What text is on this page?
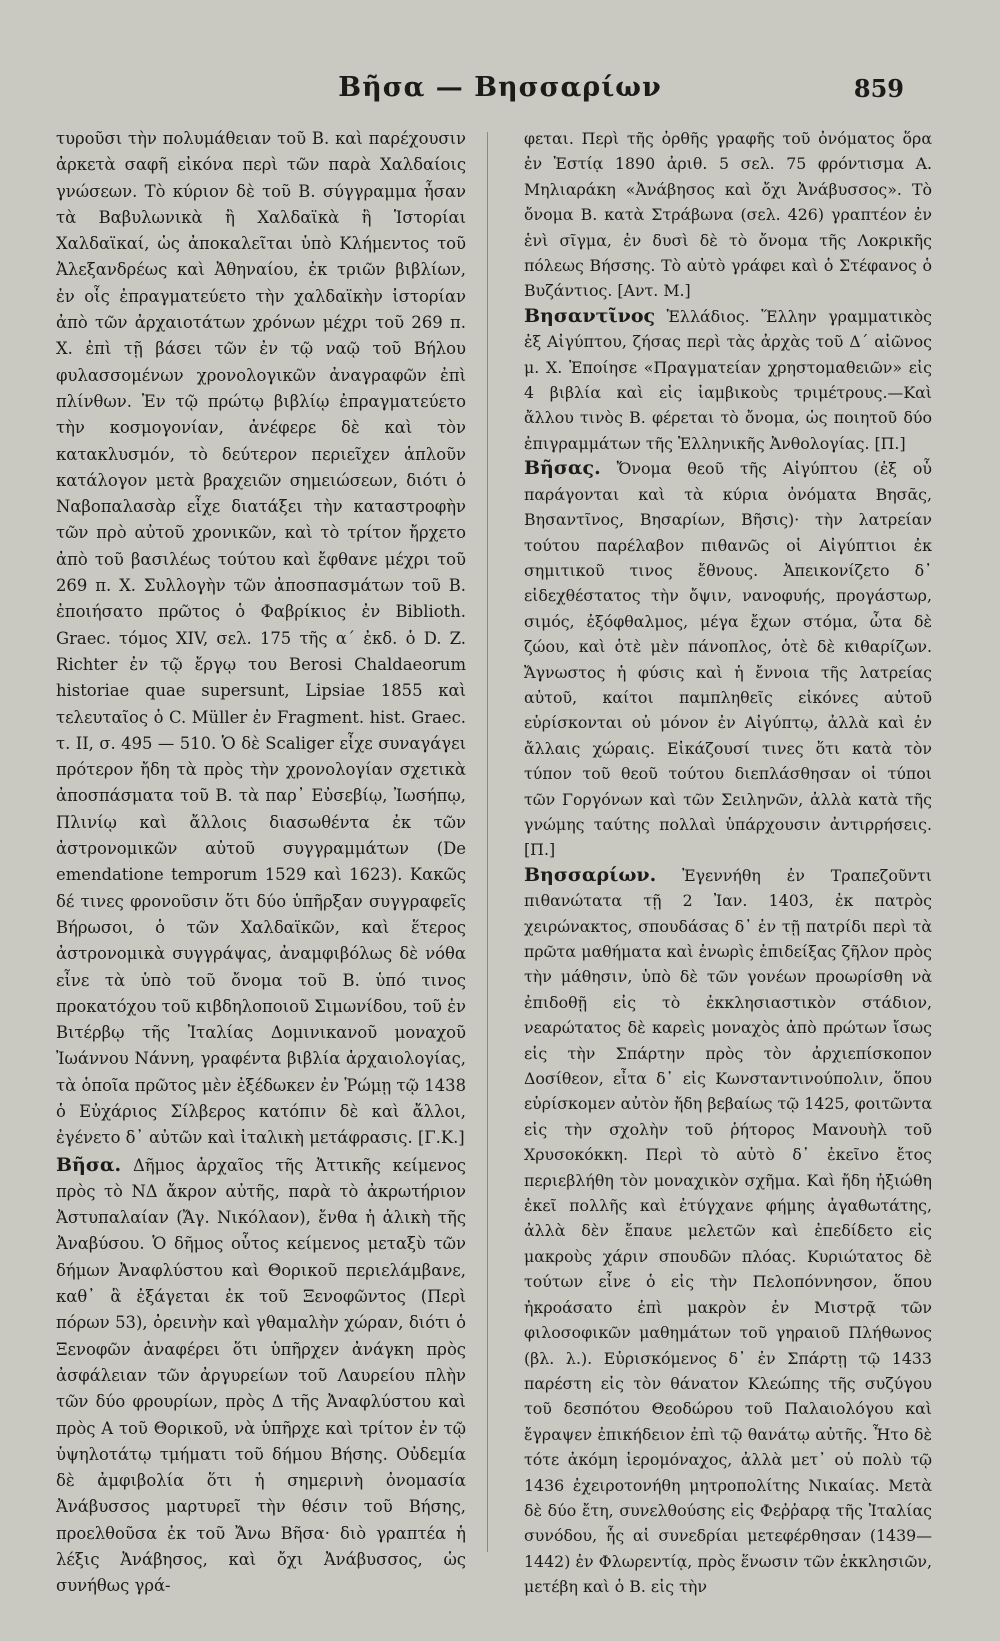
Βῆσα — Βησσαρίων	859

τυροῦσι τὴν πολυμάθειαν τοῦ Β. καὶ παρέχουσιν ἀρκετὰ σαφῆ εἰκόνα περὶ τῶν παρὰ Χαλδαίοις γνώσεων. Τὸ κύριον δὲ τοῦ Β. σύγγραμμα ἦσαν τὰ Βαβυλωνικὰ ἢ Χαλδαϊκὰ ἢ Ἱστορίαι Χαλδαϊκαί, ὡς ἀποκαλεῖται ὑπὸ Κλήμεντος τοῦ Ἀλεξανδρέως καὶ Ἀθηναίου, ἐκ τριῶν βιβλίων, ἐν οἷς ἐπραγματεύετο τὴν χαλδαϊκὴν ἱστορίαν ἀπὸ τῶν ἀρχαιοτάτων χρόνων μέχρι τοῦ 269 π. Χ. ἐπὶ τῇ βάσει τῶν ἐν τῷ ναῷ τοῦ Βήλου φυλασσομένων χρονολογικῶν ἀναγραφῶν ἐπὶ πλίνθων. Ἐν τῷ πρώτῳ βιβλίῳ ἐπραγματεύετο τὴν κοσμογονίαν, ἀνέφερε δὲ καὶ τὸν κατακλυσμόν, τὸ δεύτερον περιεῖχεν ἁπλοῦν κατάλογον μετὰ βραχειῶν σημειώσεων, διότι ὁ Ναβοπαλασὰρ εἶχε διατάξει τὴν καταστροφὴν τῶν πρὸ αὐτοῦ χρονικῶν, καὶ τὸ τρίτον ἤρχετο ἀπὸ τοῦ βασιλέως τούτου καὶ ἔφθανε μέχρι τοῦ 269 π. Χ. Συλλογὴν τῶν ἀποσπασμάτων τοῦ Β. ἐποιήσατο πρῶτος ὁ Φαβρίκιος ἐν Biblioth. Graec. τόμος XIV, σελ. 175 τῆς α΄ ἐκδ. ὁ D. Z. Richter ἐν τῷ ἔργῳ του Berosi Chaldaeorum historiae quae supersunt, Lipsiae 1855 καὶ τελευταῖος ὁ C. Müller ἐν Fragment. hist. Graec. τ. II, σ. 495 — 510. Ὁ δὲ Scaliger εἶχε συναγάγει πρότερον ἤδη τὰ πρὸς τὴν χρονολογίαν σχετικὰ ἀποσπάσματα τοῦ Β. τὰ παρ᾽ Εὐσεβίῳ, Ἰωσήπῳ, Πλινίῳ καὶ ἄλλοις διασωθέντα ἐκ τῶν ἀστρονομικῶν αὐτοῦ συγγραμμάτων (De emendatione temporum 1529 καὶ 1623). Κακῶς δέ τινες φρονοῦσιν ὅτι δύο ὑπῆρξαν συγγραφεῖς Βήρωσοι, ὁ τῶν Χαλδαϊκῶν, καὶ ἕτερος ἀστρονομικὰ συγγράψας, ἀναμφιβόλως δὲ νόθα εἶνε τὰ ὑπὸ τοῦ ὄνομα τοῦ Β. ὑπό τινος προκατόχου τοῦ κιβδηλοποιοῦ Σιμωνίδου, τοῦ ἐν Βιτέρβῳ τῆς Ἰταλίας Δομινικανοῦ μοναχοῦ Ἰωάννου Νάννη, γραφέντα βιβλία ἀρχαιολογίας, τὰ ὁποῖα πρῶτος μὲν ἐξέδωκεν ἐν Ῥώμῃ τῷ 1438 ὁ Εὐχάριος Σίλβερος κατόπιν δὲ καὶ ἄλλοι, ἐγένετο δ᾽ αὐτῶν καὶ ἰταλικὴ μετάφρασις. [Γ.Κ.]

Βῆσα. Δῆμος ἀρχαῖος τῆς Ἀττικῆς κείμενος πρὸς τὸ ΝΔ ἄκρον αὐτῆς, παρὰ τὸ ἀκρωτήριον Ἀστυπαλαίαν (Ἄγ. Νικόλαον), ἔνθα ἡ ἁλικὴ τῆς Ἀναβύσου. Ὁ δῆμος οὗτος κείμενος μεταξὺ τῶν δήμων Ἀναφλύστου καὶ Θορικοῦ περιελάμβανε, καθ᾽ ἃ ἐξάγεται ἐκ τοῦ Ξενοφῶντος (Περὶ πόρων 53), ὀρεινὴν καὶ γθαμαλὴν χώραν, διότι ὁ Ξενοφῶν ἀναφέρει ὅτι ὑπῆρχεν ἀνάγκη πρὸς ἀσφάλειαν τῶν ἀργυρείων τοῦ Λαυρείου πλὴν τῶν δύο φρουρίων, πρὸς Δ τῆς Ἀναφλύστου καὶ πρὸς Α τοῦ Θορικοῦ, νὰ ὑπῆρχε καὶ τρίτον ἐν τῷ ὑψηλοτάτῳ τμήματι τοῦ δήμου Βήσης. Οὐδεμία δὲ ἀμφιβολία ὅτι ἡ σημερινὴ ὀνομασία Ἀνάβυσσος μαρτυρεῖ τὴν θέσιν τοῦ Βήσης, προελθοῦσα ἐκ τοῦ Ἄνω Βῆσα· διὸ γραπτέα ἡ λέξις Ἀνάβησος, καὶ ὄχι Ἀνάβυσσος, ὡς συνήθως γρά-

φεται. Περὶ τῆς ὀρθῆς γραφῆς τοῦ ὀνόματος ὅρα ἐν Ἑστίᾳ 1890 ἀριθ. 5 σελ. 75 φρόντισμα Α. Μηλιαράκη «Ἀνάβησος καὶ ὄχι Ἀνάβυσσος». Τὸ ὄνομα Β. κατὰ Στράβωνα (σελ. 426) γραπτέον ἐν ἑνὶ σῖγμα, ἐν δυσὶ δὲ τὸ ὄνομα τῆς Λοκρικῆς πόλεως Βήσσης. Τὸ αὐτὸ γράφει καὶ ὁ Στέφανος ὁ Βυζάντιος. [Αντ. Μ.]

Βησαντῖνος Ἑλλάδιος. Ἕλλην γραμματικὸς ἐξ Αἰγύπτου, ζήσας περὶ τὰς ἀρχὰς τοῦ Δ΄ αἰῶνος μ. Χ. Ἐποίησε «Πραγματείαν χρηστομαθειῶν» εἰς 4 βιβλία καὶ εἰς ἰαμβικοὺς τριμέτρους.—Καὶ ἄλλου τινὸς Β. φέρεται τὸ ὄνομα, ὡς ποιητοῦ δύο ἐπιγραμμάτων τῆς Ἑλληνικῆς Ἀνθολογίας. [Π.]

Βῆσας. Ὄνομα θεοῦ τῆς Αἰγύπτου (ἐξ οὗ παράγονται καὶ τὰ κύρια ὀνόματα Βησᾶς, Βησαντῖνος, Βησαρίων, Βῆσις)· τὴν λατρείαν τούτου παρέλαβον πιθανῶς οἱ Αἰγύπτιοι ἐκ σημιτικοῦ τινος ἔθνους. Ἀπεικονίζετο δ᾽ εἰδεχθέστατος τὴν ὄψιν, νανοφυής, προγάστωρ, σιμός, ἐξόφθαλμος, μέγα ἔχων στόμα, ὦτα δὲ ζώου, καὶ ὁτὲ μὲν πάνοπλος, ὁτὲ δὲ κιθαρίζων. Ἄγνωστος ἡ φύσις καὶ ἡ ἔννοια τῆς λατρείας αὐτοῦ, καίτοι παμπληθεῖς εἰκόνες αὐτοῦ εὑρίσκονται οὐ μόνον ἐν Αἰγύπτῳ, ἀλλὰ καὶ ἐν ἄλλαις χώραις. Εἰκάζουσί τινες ὅτι κατὰ τὸν τύπον τοῦ θεοῦ τούτου διεπλάσθησαν οἱ τύποι τῶν Γοργόνων καὶ τῶν Σειληνῶν, ἀλλὰ κατὰ τῆς γνώμης ταύτης πολλαὶ ὑπάρχουσιν ἀντιρρήσεις. [Π.]

Βησσαρίων. Ἐγεννήθη ἐν Τραπεζοῦντι πιθανώτατα τῇ 2 Ἰαν. 1403, ἐκ πατρὸς χειρώνακτος, σπουδάσας δ᾽ ἐν τῇ πατρίδι περὶ τὰ πρῶτα μαθήματα καὶ ἐνωρὶς ἐπιδείξας ζῆλον πρὸς τὴν μάθησιν, ὑπὸ δὲ τῶν γονέων προωρίσθη νὰ ἐπιδοθῇ εἰς τὸ ἐκκλησιαστικὸν στάδιον, νεαρώτατος δὲ καρεὶς μοναχὸς ἀπὸ πρώτων ἴσως εἰς τὴν Σπάρτην πρὸς τὸν ἀρχιεπίσκοπον Δοσίθεον, εἶτα δ᾽ εἰς Κωνσταντινούπολιν, ὅπου εὑρίσκομεν αὐτὸν ἤδη βεβαίως τῷ 1425, φοιτῶντα εἰς τὴν σχολὴν τοῦ ῥήτορος Μανουὴλ τοῦ Χρυσοκόκκη. Περὶ τὸ αὐτὸ δ᾽ ἐκεῖνο ἔτος περιεβλήθη τὸν μοναχικὸν σχῆμα. Καὶ ἤδη ἠξιώθη ἐκεῖ πολλῆς καὶ ἐτύγχανε φήμης ἀγαθωτάτης, ἀλλὰ δὲν ἔπαυε μελετῶν καὶ ἐπεδίδετο εἰς μακροὺς χάριν σπουδῶν πλόας. Κυριώτατος δὲ τούτων εἶνε ὁ εἰς τὴν Πελοπόννησον, ὅπου ἠκροάσατο ἐπὶ μακρὸν ἐν Μιστρᾷ τῶν φιλοσοφικῶν μαθημάτων τοῦ γηραιοῦ Πλήθωνος (βλ. λ.). Εὑρισκόμενος δ᾽ ἐν Σπάρτῃ τῷ 1433 παρέστη εἰς τὸν θάνατον Κλεώπης τῆς συζύγου τοῦ δεσπότου Θεοδώρου τοῦ Παλαιολόγου καὶ ἔγραψεν ἐπικήδειον ἐπὶ τῷ θανάτῳ αὐτῆς. Ἦτο δὲ τότε ἀκόμη ἱερομόναχος, ἀλλὰ μετ᾽ οὐ πολὺ τῷ 1436 ἐχειροτονήθη μητροπολίτης Νικαίας. Μετὰ δὲ δύο ἔτη, συνελθούσης εἰς Φεῤῥαρᾳ τῆς Ἰταλίας συνόδου, ἧς αἱ συνεδρίαι μετεφέρθησαν (1439—1442) ἐν Φλωρεντίᾳ, πρὸς ἕνωσιν τῶν ἐκκλησιῶν, μετέβη καὶ ὁ Β. εἰς τὴν
